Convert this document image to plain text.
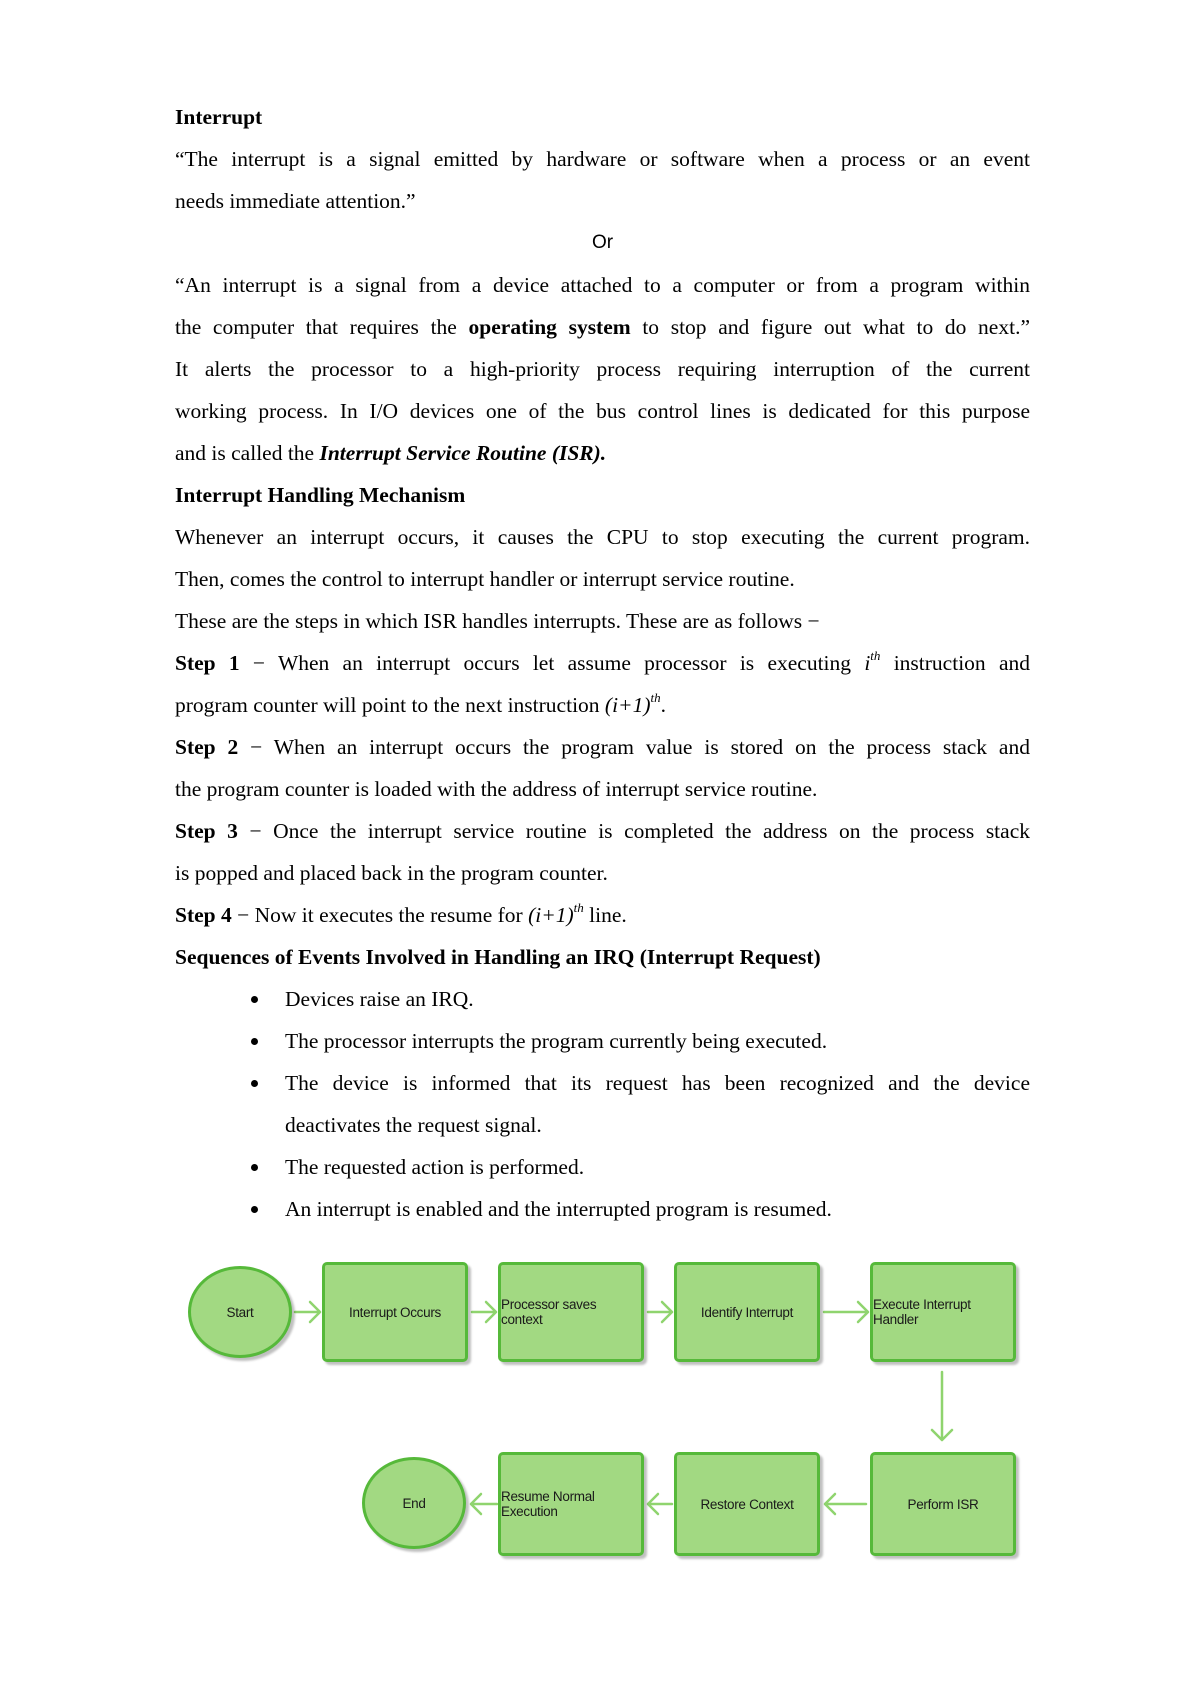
Interrupt

“The interrupt is a signal emitted by hardware or software when a process or an event

needs immediate attention.”

Or

“An interrupt is a signal from a device attached to a computer or from a program within

the computer that requires the operating system to stop and figure out what to do next.”

It alerts the processor to a high-priority process requiring interruption of the current

working process. In I/O devices one of the bus control lines is dedicated for this purpose

and is called the Interrupt Service Routine (ISR).

Interrupt Handling Mechanism

Whenever an interrupt occurs, it causes the CPU to stop executing the current program.

Then, comes the control to interrupt handler or interrupt service routine.

These are the steps in which ISR handles interrupts. These are as follows −

Step 1 − When an interrupt occurs let assume processor is executing $i^{th}$ instruction and

program counter will point to the next instruction $(i+1)^{th}$.

Step 2 − When an interrupt occurs the program value is stored on the process stack and

the program counter is loaded with the address of interrupt service routine.

Step 3 − Once the interrupt service routine is completed the address on the process stack

is popped and placed back in the program counter.

Step 4 − Now it executes the resume for $(i+1)^{th}$ line.

Sequences of Events Involved in Handling an IRQ (Interrupt Request)

Devices raise an IRQ.
The processor interrupts the program currently being executed.
The device is informed that its request has been recognized and the device
deactivates the request signal.
The requested action is performed.
An interrupt is enabled and the interrupted program is resumed.
Start	Interrupt Occurs	Processor saves context	Identify Interrupt	Execute Interrupt Handler
Perform ISR
Restore Context
Resume Normal Execution
End
